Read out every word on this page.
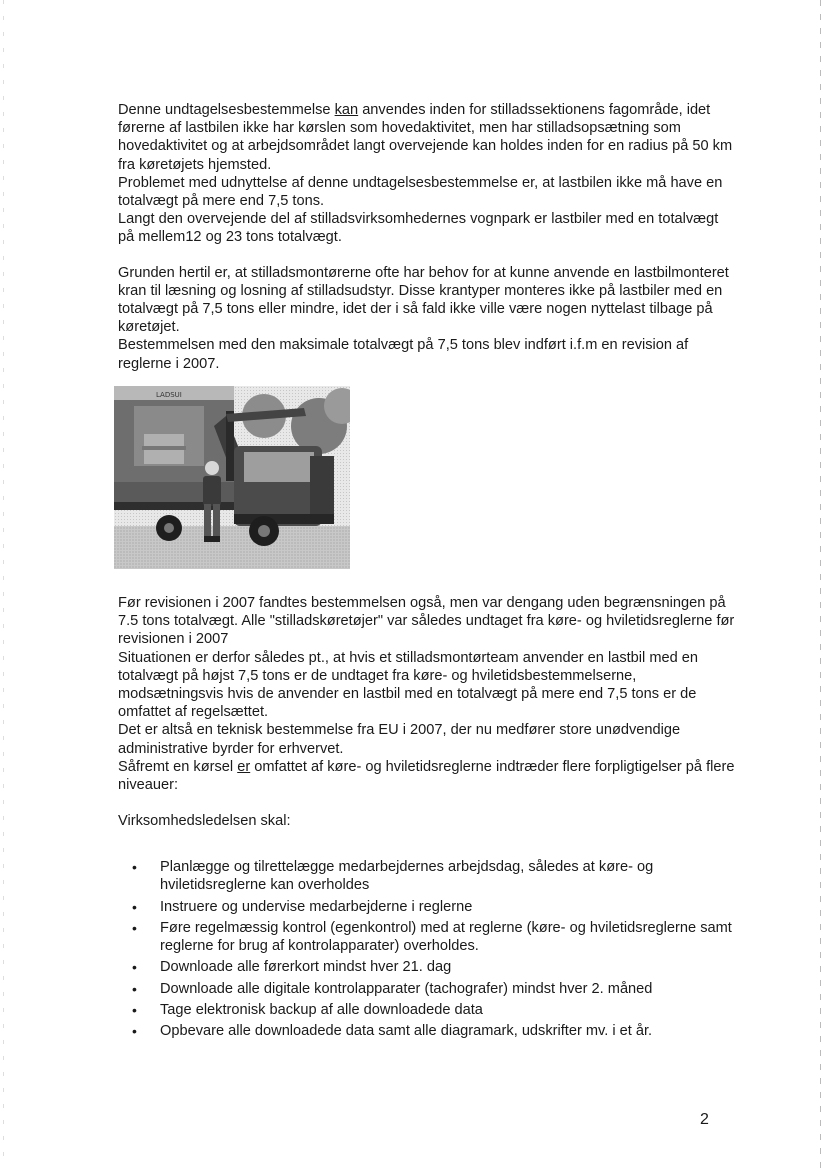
Denne undtagelsesbestemmelse kan anvendes inden for stilladssektionens fagområde, idet førerne af lastbilen ikke har kørslen som hovedaktivitet, men har stilladsopsætning som hovedaktivitet og at arbejdsområdet langt overvejende kan holdes inden for en radius på 50 km fra køretøjets hjemsted.

Problemet med udnyttelse af denne undtagelsesbestemmelse er, at lastbilen ikke må have en totalvægt på mere end 7,5 tons.

Langt den overvejende del af stilladsvirksomhedernes vognpark er lastbiler med en totalvægt på mellem12 og 23 tons totalvægt.

Grunden hertil er, at stilladsmontørerne ofte har behov for at kunne anvende en lastbilmonteret kran til læsning og losning af stilladsudstyr. Disse krantyper monteres ikke på lastbiler med en totalvægt på 7,5 tons eller mindre, idet der i så fald ikke ville være nogen nyttelast tilbage på køretøjet.

Bestemmelsen med den maksimale totalvægt på 7,5 tons blev indført i.f.m en revision af reglerne i 2007.

LADSUI

Før revisionen i 2007 fandtes bestemmelsen også, men var dengang uden begrænsningen på 7.5 tons totalvægt. Alle "stilladskøretøjer" var således undtaget fra køre- og hviletidsreglerne før revisionen i 2007

Situationen er derfor således pt., at hvis et stilladsmontørteam anvender en lastbil med en totalvægt på højst 7,5 tons er de undtaget fra køre- og hviletidsbestemmelserne, modsætningsvis hvis de anvender en lastbil med en totalvægt på mere end 7,5 tons er de omfattet af regelsættet.

Det er altså en teknisk bestemmelse fra EU i 2007, der nu medfører store unødvendige administrative byrder for erhvervet.

Såfremt en kørsel er omfattet af køre- og hviletidsreglerne indtræder flere forpligtigelser på flere niveauer:

Virksomhedsledelsen skal:

• Planlægge og tilrettelægge medarbejdernes arbejdsdag, således at køre- og hviletidsreglerne kan overholdes
• Instruere og undervise medarbejderne i reglerne
• Føre regelmæssig kontrol (egenkontrol) med at reglerne (køre- og hviletidsreglerne samt reglerne for brug af kontrolapparater) overholdes.
• Downloade alle førerkort mindst hver 21. dag
• Downloade alle digitale kontrolapparater (tachografer) mindst hver 2. måned
• Tage elektronisk backup af alle downloadede data
• Opbevare alle downloadede data samt alle diagramark, udskrifter mv. i et år.
2
